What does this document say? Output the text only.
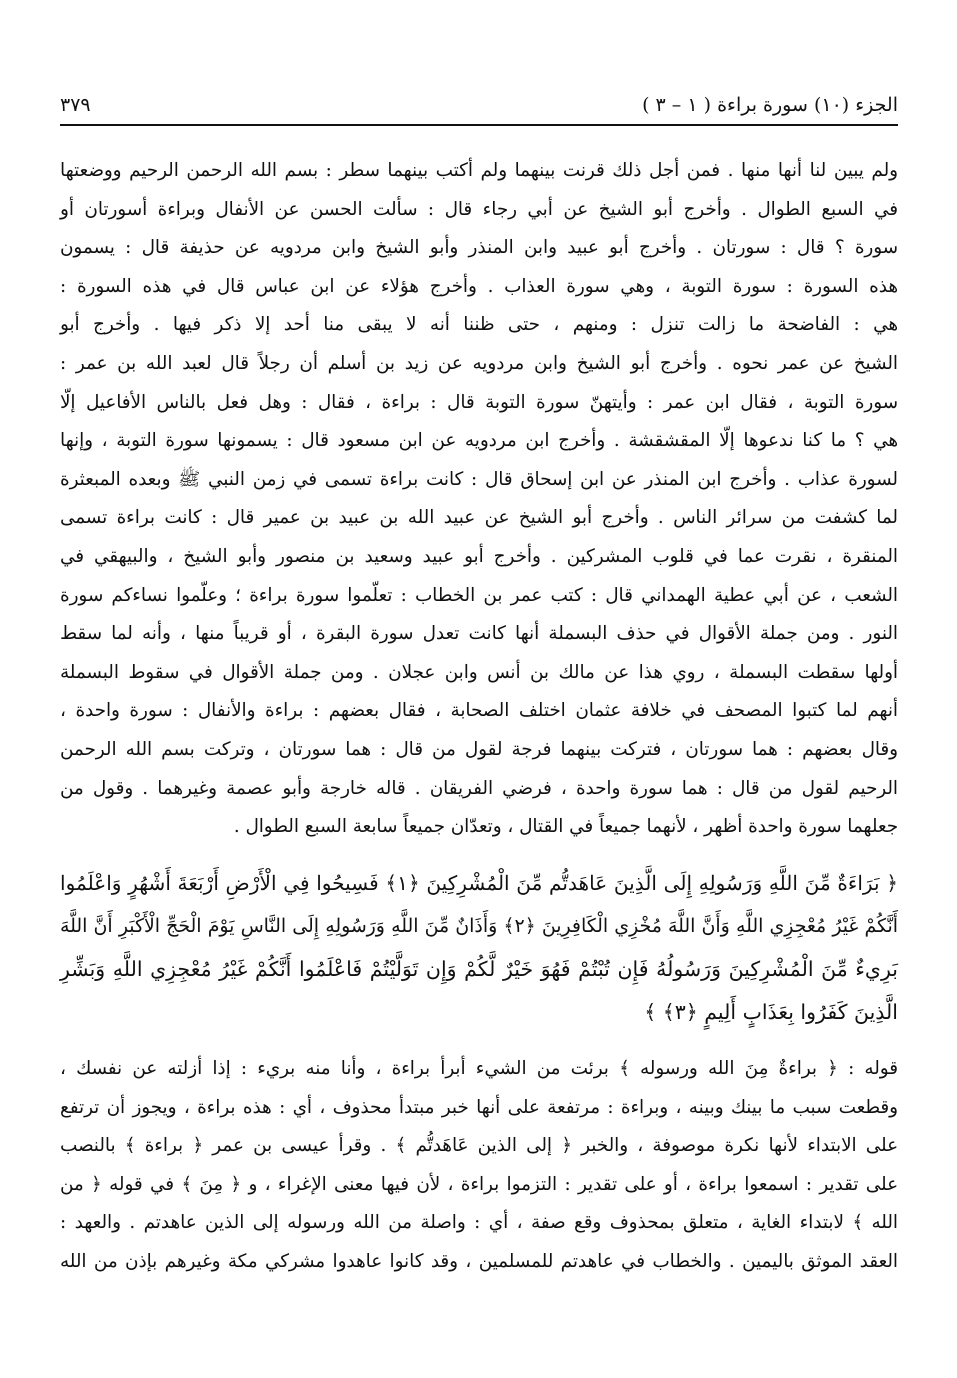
الجزء (١٠) سورة براءة ( ١ – ٣ )
٣٧٩
ولم يبين لنا أنها منها . فمن أجل ذلك قرنت بينهما ولم أكتب بينهما سطر : بسم الله الرحمن الرحيم ووضعتها
في السبع الطوال . وأخرج أبو الشيخ عن أبي رجاء قال : سألت الحسن عن الأنفال وبراءة أسورتان أو
سورة ؟ قال : سورتان . وأخرج أبو عبيد وابن المنذر وأبو الشيخ وابن مردويه عن حذيفة قال : يسمون
هذه السورة : سورة التوبة ، وهي سورة العذاب . وأخرج هؤلاء عن ابن عباس قال في هذه السورة :
هي : الفاضحة ما زالت تنزل : ومنهم ، حتى ظننا أنه لا يبقى منا أحد إلا ذكر فيها . وأخرج أبو
الشيخ عن عمر نحوه . وأخرج أبو الشيخ وابن مردويه عن زيد بن أسلم أن رجلاً قال لعبد الله بن عمر :
سورة التوبة ، فقال ابن عمر : وأيتهنّ سورة التوبة قال : براءة ، فقال : وهل فعل بالناس الأفاعيل إلّا
هي ؟ ما كنا ندعوها إلّا المقشقشة . وأخرج ابن مردويه عن ابن مسعود قال : يسمونها سورة التوبة ، وإنها
لسورة عذاب . وأخرج ابن المنذر عن ابن إسحاق قال : كانت براءة تسمى في زمن النبي ﷺ وبعده المبعثرة
لما كشفت من سرائر الناس . وأخرج أبو الشيخ عن عبيد الله بن عبيد بن عمير قال : كانت براءة تسمى
المنقرة ، نقرت عما في قلوب المشركين . وأخرج أبو عبيد وسعيد بن منصور وأبو الشيخ ، والبيهقي في
الشعب ، عن أبي عطية الهمداني قال : كتب عمر بن الخطاب : تعلّموا سورة براءة ؛ وعلّموا نساءكم سورة
النور . ومن جملة الأقوال في حذف البسملة أنها كانت تعدل سورة البقرة ، أو قريباً منها ، وأنه لما سقط
أولها سقطت البسملة ، روي هذا عن مالك بن أنس وابن عجلان . ومن جملة الأقوال في سقوط البسملة
أنهم لما كتبوا المصحف في خلافة عثمان اختلف الصحابة ، فقال بعضهم : براءة والأنفال : سورة واحدة ،
وقال بعضهم : هما سورتان ، فتركت بينهما فرجة لقول من قال : هما سورتان ، وتركت بسم الله الرحمن
الرحيم لقول من قال : هما سورة واحدة ، فرضي الفريقان . قاله خارجة وأبو عصمة وغيرهما . وقول من
جعلهما سورة واحدة أظهر ، لأنهما جميعاً في القتال ، وتعدّان جميعاً سابعة السبع الطوال .
﴿ بَرَاءَةٌ مِّنَ اللَّهِ وَرَسُولِهِ إِلَى الَّذِينَ عَاهَدتُّم مِّنَ الْمُشْرِكِينَ ﴿١﴾ فَسِيحُوا فِي الْأَرْضِ أَرْبَعَةَ أَشْهُرٍ وَاعْلَمُوا
أَنَّكُمْ غَيْرُ مُعْجِزِي اللَّهِ وَأَنَّ اللَّهَ مُخْزِي الْكَافِرِينَ ﴿٢﴾ وَأَذَانٌ مِّنَ اللَّهِ وَرَسُولِهِ إِلَى النَّاسِ يَوْمَ الْحَجِّ الْأَكْبَرِ أَنَّ اللَّهَ
بَرِيءٌ مِّنَ الْمُشْرِكِينَ وَرَسُولُهُ فَإِن تُبْتُمْ فَهُوَ خَيْرٌ لَّكُمْ وَإِن تَوَلَّيْتُمْ فَاعْلَمُوا أَنَّكُمْ غَيْرُ مُعْجِزِي اللَّهِ وَبَشِّرِ
الَّذِينَ كَفَرُوا بِعَذَابٍ أَلِيمٍ ﴿٣﴾ ﴾
قوله : ﴿ براءةٌ مِنَ الله ورسوله ﴾ برئت من الشيء أبرأ براءة ، وأنا منه بريء : إذا أزلته عن نفسك ،
وقطعت سبب ما بينك وبينه ، وبراءة : مرتفعة على أنها خبر مبتدأ محذوف ، أي : هذه براءة ، ويجوز أن ترتفع
على الابتداء لأنها نكرة موصوفة ، والخبر ﴿ إلى الذين عَاهَدتُّم ﴾ . وقرأ عيسى بن عمر ﴿ براءة ﴾ بالنصب
على تقدير : اسمعوا براءة ، أو على تقدير : التزموا براءة ، لأن فيها معنى الإغراء ، و ﴿ مِنَ ﴾ في قوله ﴿ من
الله ﴾ لابتداء الغاية ، متعلق بمحذوف وقع صفة ، أي : واصلة من الله ورسوله إلى الذين عاهدتم . والعهد :
العقد الموثق باليمين . والخطاب في عاهدتم للمسلمين ، وقد كانوا عاهدوا مشركي مكة وغيرهم بإذن من الله
